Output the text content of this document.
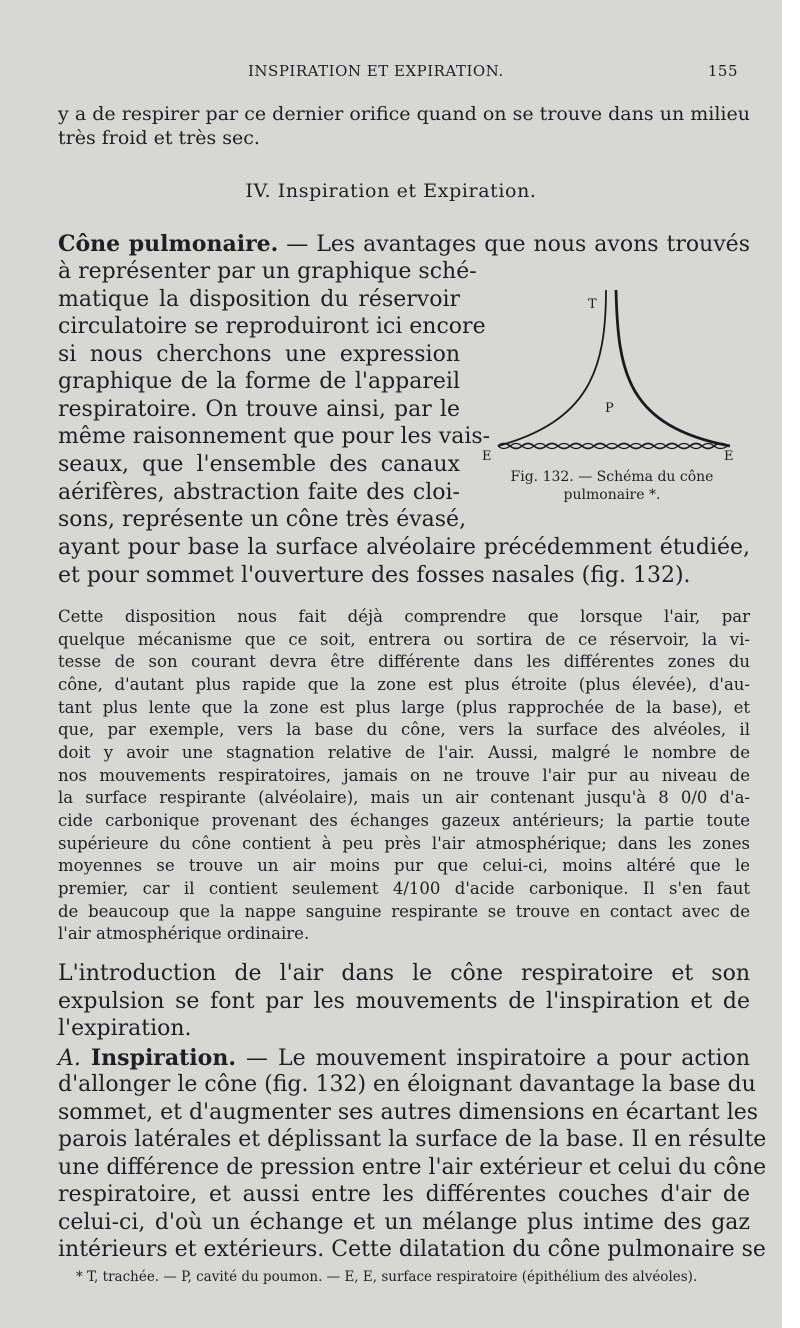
INSPIRATION ET EXPIRATION.	155
y a de respirer par ce dernier orifice quand on se trouve dans un milieu
très froid et très sec.
IV. Inspiration et Expiration.
Cône pulmonaire. — Les avantages que nous avons trouvés
à représenter par un graphique sché-
matique la disposition du réservoir
circulatoire se reproduiront ici encore
si nous cherchons une expression
graphique de la forme de l'appareil
respiratoire. On trouve ainsi, par le
même raisonnement que pour les vais-
seaux, que l'ensemble des canaux
aérifères, abstraction faite des cloi-
sons, représente un cône très évasé,
ayant pour base la surface alvéolaire précédemment étudiée,
et pour sommet l'ouverture des fosses nasales (fig. 132).
T
P
E	E
Fig. 132. — Schéma du cône
pulmonaire *.
Cette disposition nous fait déjà comprendre que lorsque l'air, par
quelque mécanisme que ce soit, entrera ou sortira de ce réservoir, la vi-
tesse de son courant devra être différente dans les différentes zones du
cône, d'autant plus rapide que la zone est plus étroite (plus élevée), d'au-
tant plus lente que la zone est plus large (plus rapprochée de la base), et
que, par exemple, vers la base du cône, vers la surface des alvéoles, il
doit y avoir une stagnation relative de l'air. Aussi, malgré le nombre de
nos mouvements respiratoires, jamais on ne trouve l'air pur au niveau de
la surface respirante (alvéolaire), mais un air contenant jusqu'à 8 0/0 d'a-
cide carbonique provenant des échanges gazeux antérieurs; la partie toute
supérieure du cône contient à peu près l'air atmosphérique; dans les zones
moyennes se trouve un air moins pur que celui-ci, moins altéré que le
premier, car il contient seulement 4/100 d'acide carbonique. Il s'en faut
de beaucoup que la nappe sanguine respirante se trouve en contact avec de
l'air atmosphérique ordinaire.
L'introduction de l'air dans le cône respiratoire et son
expulsion se font par les mouvements de l'inspiration et de
l'expiration.
A. Inspiration. — Le mouvement inspiratoire a pour action
d'allonger le cône (fig. 132) en éloignant davantage la base du
sommet, et d'augmenter ses autres dimensions en écartant les
parois latérales et déplissant la surface de la base. Il en résulte
une différence de pression entre l'air extérieur et celui du cône
respiratoire, et aussi entre les différentes couches d'air de
celui-ci, d'où un échange et un mélange plus intime des gaz
intérieurs et extérieurs. Cette dilatation du cône pulmonaire se
* T, trachée. — P, cavité du poumon. — E, E, surface respiratoire (épithélium des alvéoles).
